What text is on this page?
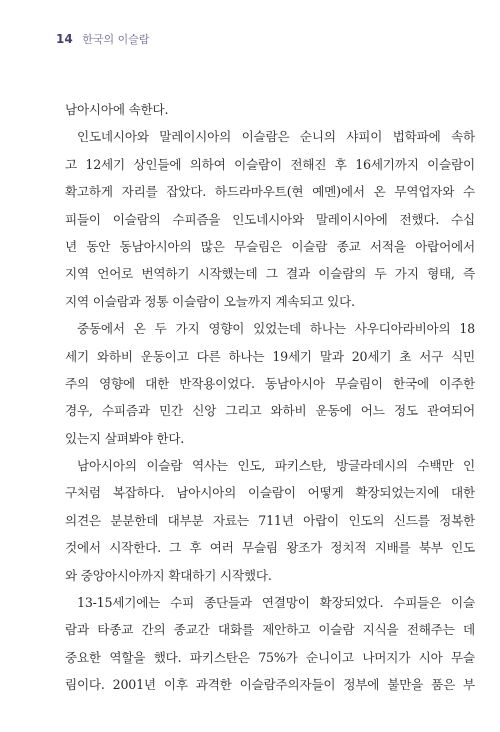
14 한국의 이슬람
남아시아에 속한다.
인도네시아와 말레이시아의 이슬람은 순니의 샤피이 법학파에 속하
고 12세기 상인들에 의하여 이슬람이 전해진 후 16세기까지 이슬람이
확고하게 자리를 잡았다. 하드라마우트(현 예멘)에서 온 무역업자와 수
피들이 이슬람의 수피즘을 인도네시아와 말레이시아에 전했다. 수십
년 동안 동남아시아의 많은 무슬림은 이슬람 종교 서적을 아랍어에서
지역 언어로 번역하기 시작했는데 그 결과 이슬람의 두 가지 형태, 즉
지역 이슬람과 정통 이슬람이 오늘까지 계속되고 있다.
중동에서 온 두 가지 영향이 있었는데 하나는 사우디아라비아의 18
세기 와하비 운동이고 다른 하나는 19세기 말과 20세기 초 서구 식민
주의 영향에 대한 반작용이었다. 동남아시아 무슬림이 한국에 이주한
경우, 수피즘과 민간 신앙 그리고 와하비 운동에 어느 정도 관여되어
있는지 살펴봐야 한다.
남아시아의 이슬람 역사는 인도, 파키스탄, 방글라데시의 수백만 인
구처럼 복잡하다. 남아시아의 이슬람이 어떻게 확장되었는지에 대한
의견은 분분한데 대부분 자료는 711년 아랍이 인도의 신드를 정복한
것에서 시작한다. 그 후 여러 무슬림 왕조가 정치적 지배를 북부 인도
와 중앙아시아까지 확대하기 시작했다.
13-15세기에는 수피 종단들과 연결망이 확장되었다. 수피들은 이슬
람과 타종교 간의 종교간 대화를 제안하고 이슬람 지식을 전해주는 데
중요한 역할을 했다. 파키스탄은 75%가 순니이고 나머지가 시아 무슬
림이다. 2001년 이후 과격한 이슬람주의자들이 정부에 불만을 품은 부
